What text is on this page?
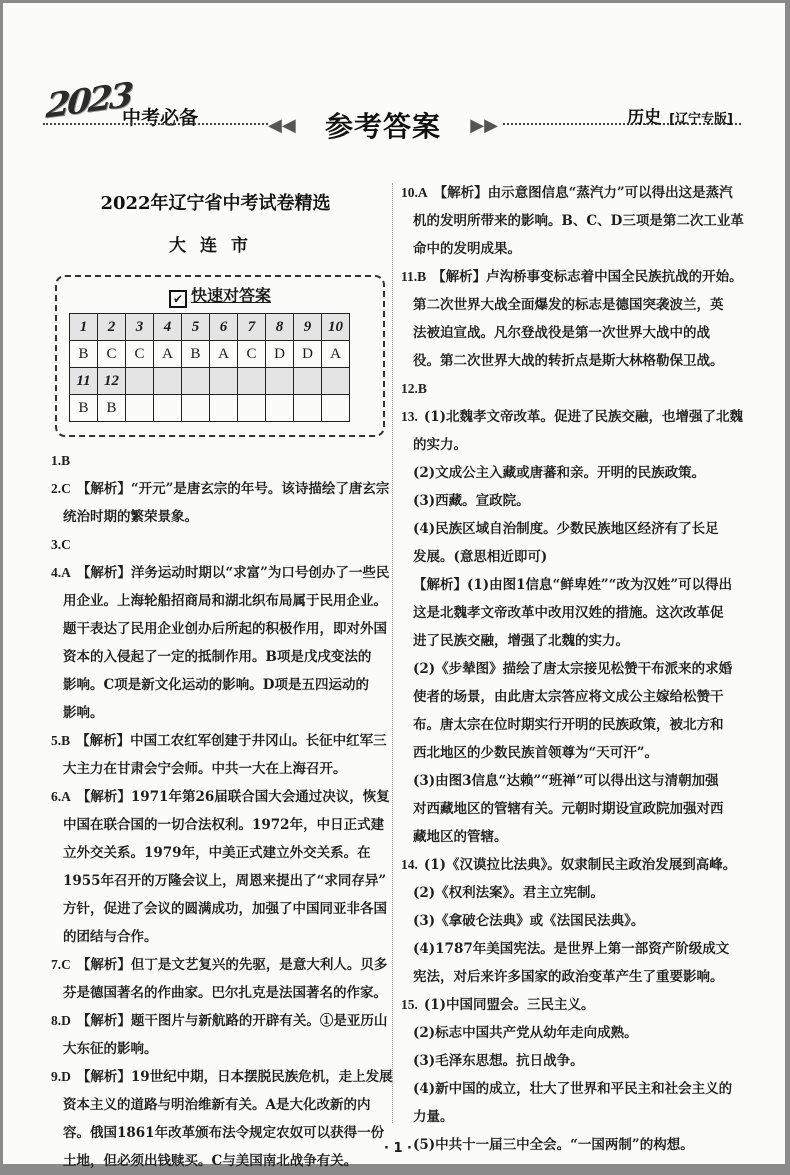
2023
中考必备	◀◀ 参考答案 ▶▶	历史 [辽宁专版]
2022年辽宁省中考试卷精选
大连市
✔ 快速对答案
1	2	3	4	5	6	7	8	9	10
B	C	C	A	B	A	C	D	D	A
11	12								
B	B								
1.B
2.C 【解析】“开元”是唐玄宗的年号。该诗描绘了唐玄宗
统治时期的繁荣景象。
3.C
4.A 【解析】洋务运动时期以“求富”为口号创办了一些民
用企业。上海轮船招商局和湖北织布局属于民用企业。
题干表达了民用企业创办后所起的积极作用，即对外国
资本的入侵起了一定的抵制作用。B项是戊戌变法的
影响。C项是新文化运动的影响。D项是五四运动的
影响。
5.B 【解析】中国工农红军创建于井冈山。长征中红军三
大主力在甘肃会宁会师。中共一大在上海召开。
6.A 【解析】1971年第26届联合国大会通过决议，恢复
中国在联合国的一切合法权利。1972年，中日正式建
立外交关系。1979年，中美正式建立外交关系。在
1955年召开的万隆会议上，周恩来提出了“求同存异”
方针，促进了会议的圆满成功，加强了中国同亚非各国
的团结与合作。
7.C 【解析】但丁是文艺复兴的先驱，是意大利人。贝多
芬是德国著名的作曲家。巴尔扎克是法国著名的作家。
8.D 【解析】题干图片与新航路的开辟有关。①是亚历山
大东征的影响。
9.D 【解析】19世纪中期，日本摆脱民族危机，走上发展
资本主义的道路与明治维新有关。A是大化改新的内
容。俄国1861年改革颁布法令规定农奴可以获得一份
土地，但必须出钱赎买。C与美国南北战争有关。
10.A 【解析】由示意图信息“蒸汽力”可以得出这是蒸汽
机的发明所带来的影响。B、C、D三项是第二次工业革
命中的发明成果。
11.B 【解析】卢沟桥事变标志着中国全民族抗战的开始。
第二次世界大战全面爆发的标志是德国突袭波兰，英
法被迫宣战。凡尔登战役是第一次世界大战中的战
役。第二次世界大战的转折点是斯大林格勒保卫战。
12.B
13. (1)北魏孝文帝改革。促进了民族交融，也增强了北魏
的实力。
(2)文成公主入藏或唐蕃和亲。开明的民族政策。
(3)西藏。宣政院。
(4)民族区域自治制度。少数民族地区经济有了长足
发展。(意思相近即可)
【解析】(1)由图1信息“鲜卑姓”“改为汉姓”可以得出
这是北魏孝文帝改革中改用汉姓的措施。这次改革促
进了民族交融，增强了北魏的实力。
(2)《步辇图》描绘了唐太宗接见松赞干布派来的求婚
使者的场景，由此唐太宗答应将文成公主嫁给松赞干
布。唐太宗在位时期实行开明的民族政策，被北方和
西北地区的少数民族首领尊为“天可汗”。
(3)由图3信息“达赖”“班禅”可以得出这与清朝加强
对西藏地区的管辖有关。元朝时期设宣政院加强对西
藏地区的管辖。
14. (1)《汉谟拉比法典》。奴隶制民主政治发展到高峰。
(2)《权利法案》。君主立宪制。
(3)《拿破仑法典》或《法国民法典》。
(4)1787年美国宪法。是世界上第一部资产阶级成文
宪法，对后来许多国家的政治变革产生了重要影响。
15. (1)中国同盟会。三民主义。
(2)标志中国共产党从幼年走向成熟。
(3)毛泽东思想。抗日战争。
(4)新中国的成立，壮大了世界和平民主和社会主义的
力量。
(5)中共十一届三中全会。“一国两制”的构想。
· 1 ·
